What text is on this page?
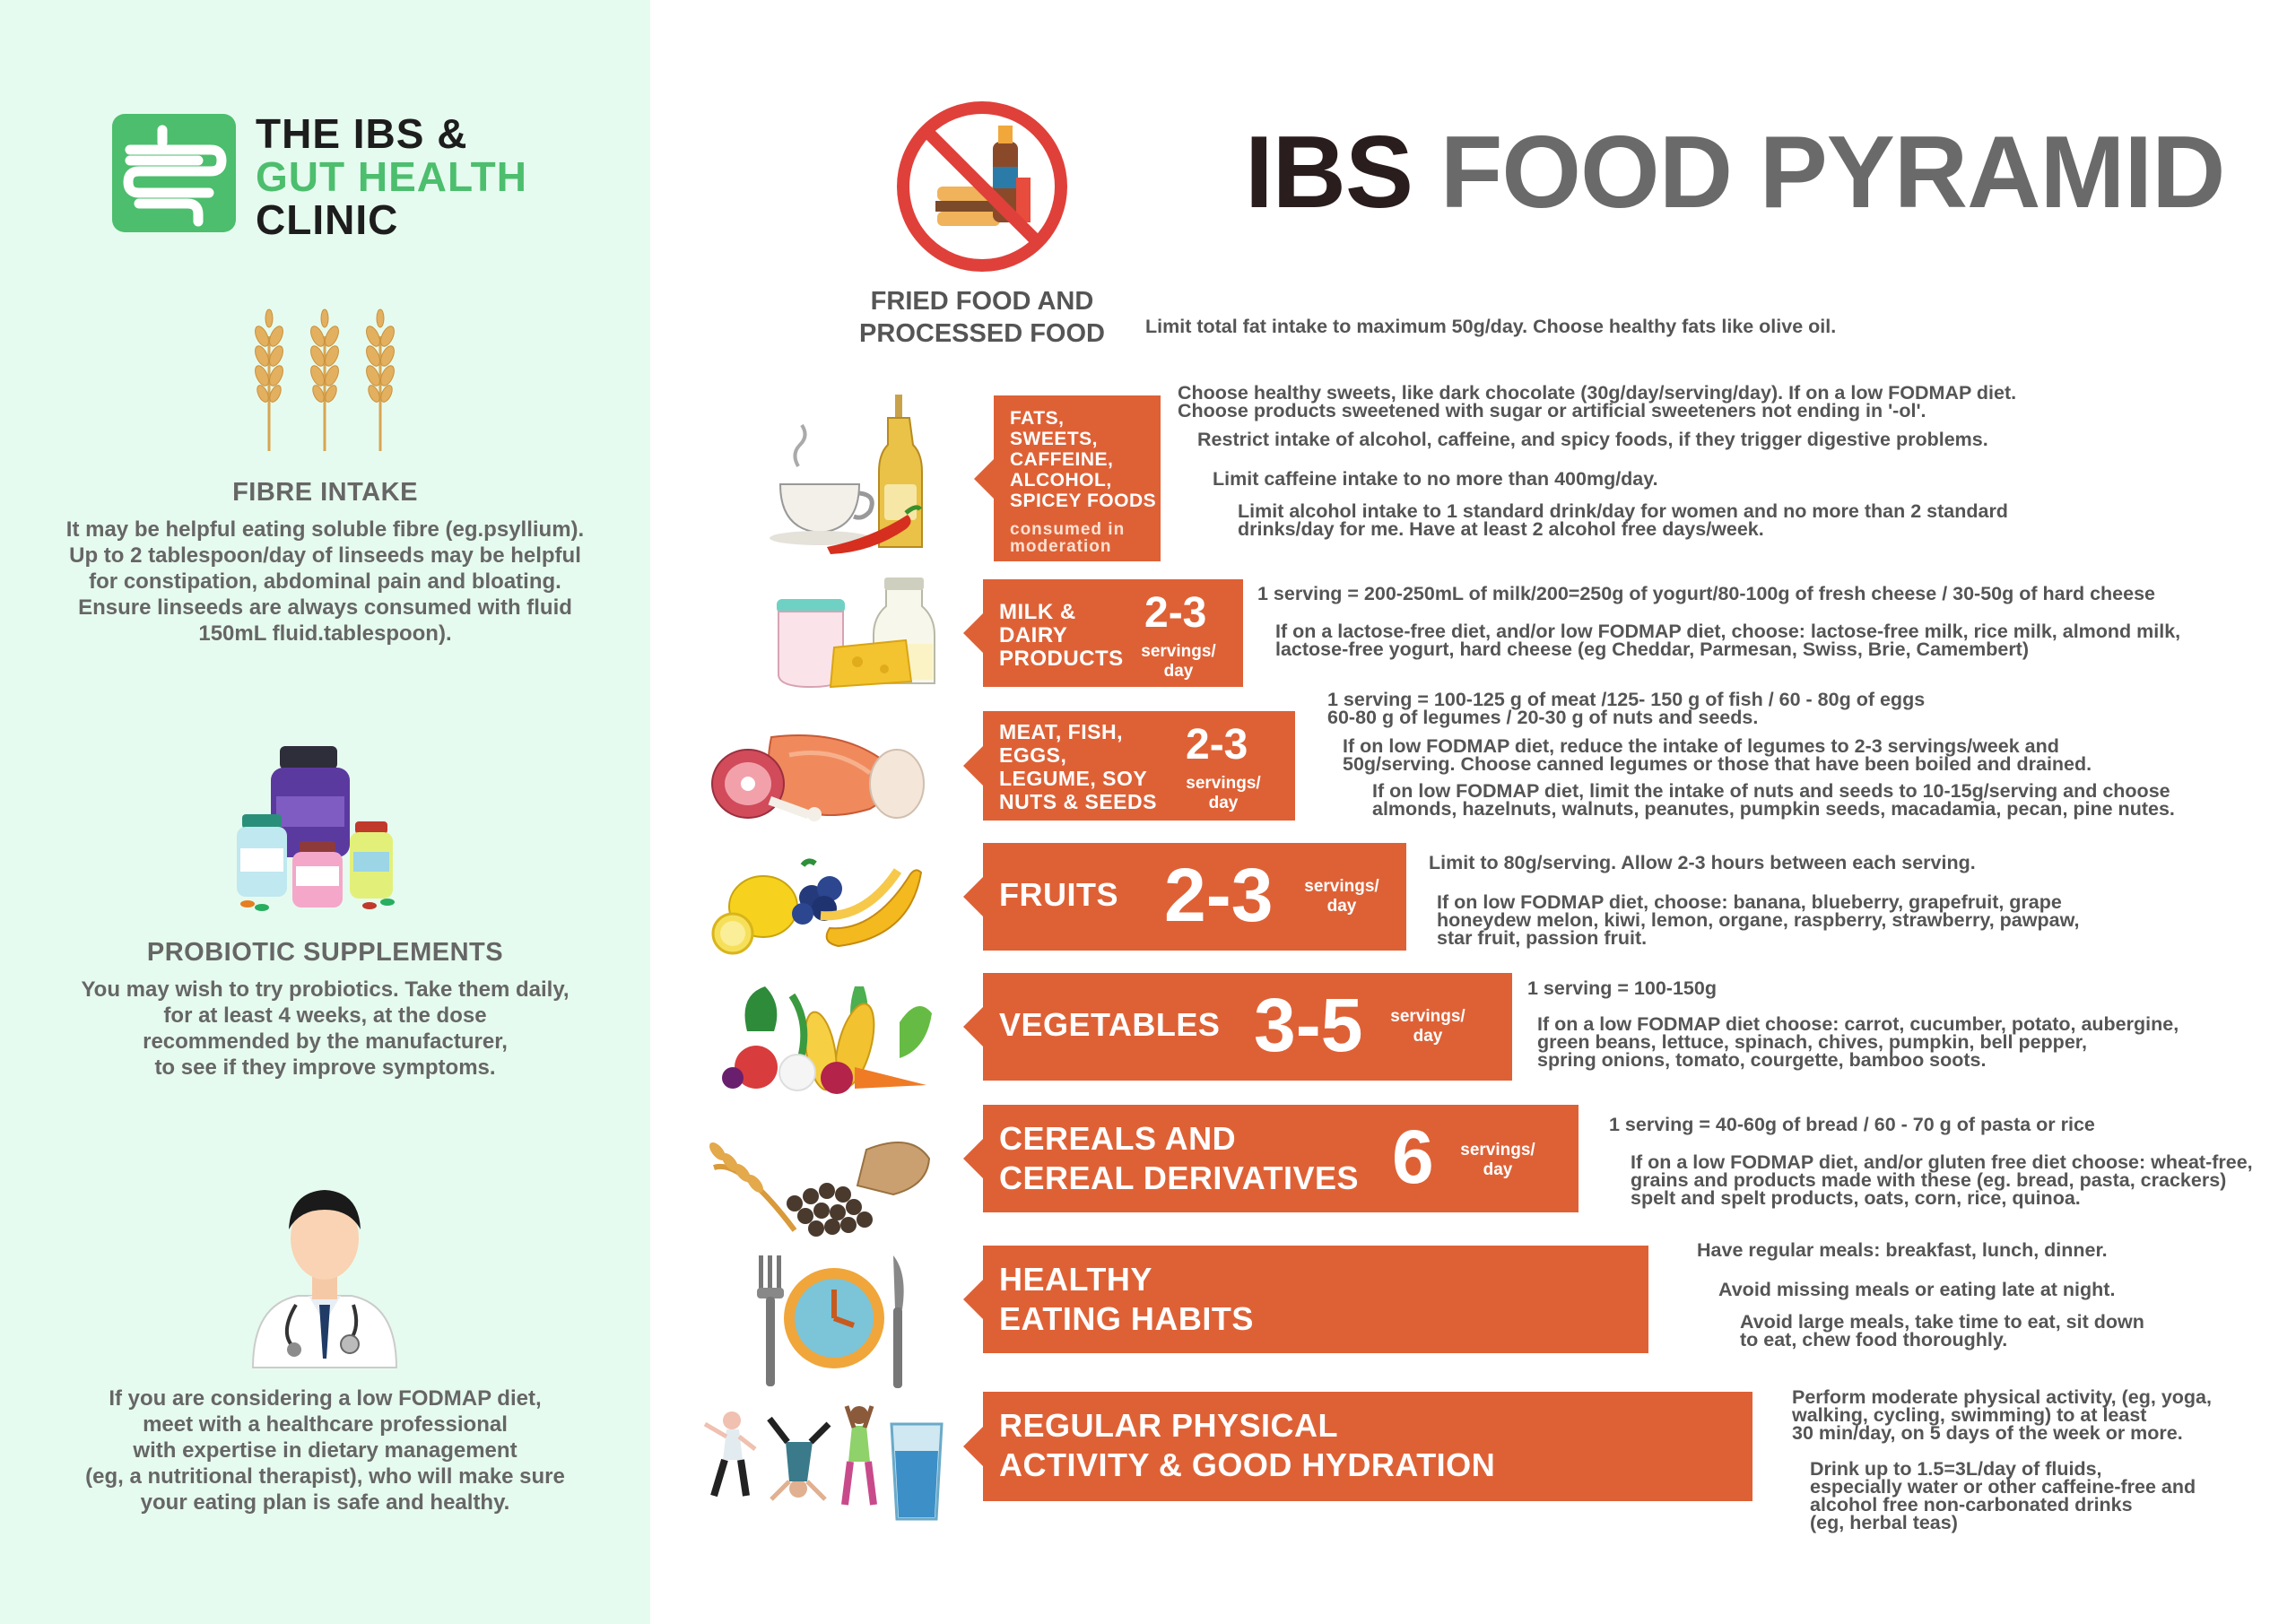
THE IBS &
GUT HEALTH
CLINIC
FIBRE INTAKE
It may be helpful eating soluble fibre (eg.psyllium).
Up to 2 tablespoon/day of linseeds may be helpful
for constipation, abdominal pain and bloating.
Ensure linseeds are always consumed with fluid
150mL fluid.tablespoon).
PROBIOTIC SUPPLEMENTS
You may wish to try probiotics. Take them daily,
for at least 4 weeks, at the dose
recommended by the manufacturer,
to see if they improve symptoms.
If you are considering a low FODMAP diet,
meet with a healthcare professional
with expertise in dietary management
(eg, a nutritional therapist), who will make sure
your eating plan is safe and healthy.
IBS FOOD PYRAMID
FRIED FOOD AND
PROCESSED FOOD	Limit total fat intake to maximum 50g/day. Choose healthy fats like olive oil.
FATS,
SWEETS,
CAFFEINE,
ALCOHOL,
SPICEY FOODS
consumed in
moderation
Choose healthy sweets, like dark chocolate (30g/day/serving/day). If on a low FODMAP diet.
Choose products sweetened with sugar or artificial sweeteners not ending in '-ol'.
Restrict intake of alcohol, caffeine, and spicy foods, if they trigger digestive problems.
Limit caffeine intake to no more than 400mg/day.
Limit alcohol intake to 1 standard drink/day for women and no more than 2 standard
drinks/day for me. Have at least 2 alcohol free days/week.
MILK &
DAIRY
PRODUCTS
2-3
servings/
day
1 serving = 200-250mL of milk/200=250g of yogurt/80-100g of fresh cheese / 30-50g of hard cheese
If on a lactose-free diet, and/or low FODMAP diet, choose: lactose-free milk, rice milk, almond milk,
lactose-free yogurt, hard cheese (eg Cheddar, Parmesan, Swiss, Brie, Camembert)
MEAT, FISH,
EGGS,
LEGUME, SOY
NUTS & SEEDS
2-3
servings/
day
1 serving = 100-125 g of meat /125- 150 g of fish / 60 - 80g of eggs
60-80 g of legumes / 20-30 g of nuts and seeds.
If on low FODMAP diet, reduce the intake of legumes to 2-3 servings/week and
50g/serving. Choose canned legumes or those that have been boiled and drained.
If on low FODMAP diet, limit the intake of nuts and seeds to 10-15g/serving and choose
almonds, hazelnuts, walnuts, peanutes, pumpkin seeds, macadamia, pecan, pine nutes.
FRUITS 2-3	servings/
day
Limit to 80g/serving. Allow 2-3 hours between each serving.
If on low FODMAP diet, choose: banana, blueberry, grapefruit, grape
honeydew melon, kiwi, lemon, organe, raspberry, strawberry, pawpaw,
star fruit, passion fruit.
VEGETABLES 3-5	servings/
day
1 serving = 100-150g
If on a low FODMAP diet choose: carrot, cucumber, potato, aubergine,
green beans, lettuce, spinach, chives, pumpkin, bell pepper,
spring onions, tomato, courgette, bamboo soots.
CEREALS AND
CEREAL DERIVATIVES 6	servings/
day
1 serving = 40-60g of bread / 60 - 70 g of pasta or rice
If on a low FODMAP diet, and/or gluten free diet choose: wheat-free,
grains and products made with these (eg. bread, pasta, crackers)
spelt and spelt products, oats, corn, rice, quinoa.
HEALTHY
EATING HABITS
Have regular meals: breakfast, lunch, dinner.
Avoid missing meals or eating late at night.
Avoid large meals, take time to eat, sit down
to eat, chew food thoroughly.
REGULAR PHYSICAL
ACTIVITY & GOOD HYDRATION
Perform moderate physical activity, (eg, yoga,
walking, cycling, swimming) to at least
30 min/day, on 5 days of the week or more.
Drink up to 1.5=3L/day of fluids,
especially water or other caffeine-free and
alcohol free non-carbonated drinks
(eg, herbal teas)
